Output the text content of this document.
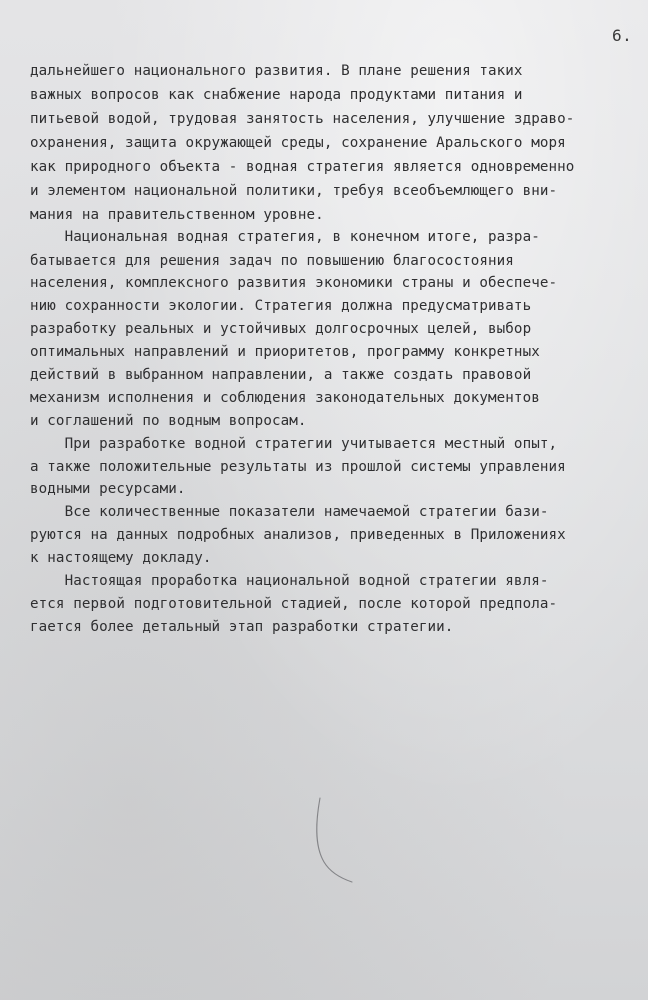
6.
дальнейшего национального развития. В плане решения таких
важных вопросов как снабжение народа продуктами питания и
питьевой водой, трудовая занятость населения, улучшение здраво-
охранения, защита окружающей среды, сохранение Аральского моря
как природного объекта - водная стратегия является одновременно
и элементом национальной политики, требуя всеобъемлющего вни-
мания на правительственном уровне.
Национальная водная стратегия, в конечном итоге, разра-
батывается для решения задач по повышению благосостояния
населения, комплексного развития экономики страны и обеспече-
нию сохранности экологии. Стратегия должна предусматривать
разработку реальных и устойчивых долгосрочных целей, выбор
оптимальных направлений и приоритетов, программу конкретных
действий в выбранном направлении, а также создать правовой
механизм исполнения и соблюдения законодательных документов
и соглашений по водным вопросам.
При разработке водной стратегии учитывается местный опыт,
а также положительные результаты из прошлой системы управления
водными ресурсами.
Все количественные показатели намечаемой стратегии бази-
руются на данных подробных анализов, приведенных в Приложениях
к настоящему докладу.
Настоящая проработка национальной водной стратегии явля-
ется первой подготовительной стадией, после которой предпола-
гается более детальный этап разработки стратегии.
